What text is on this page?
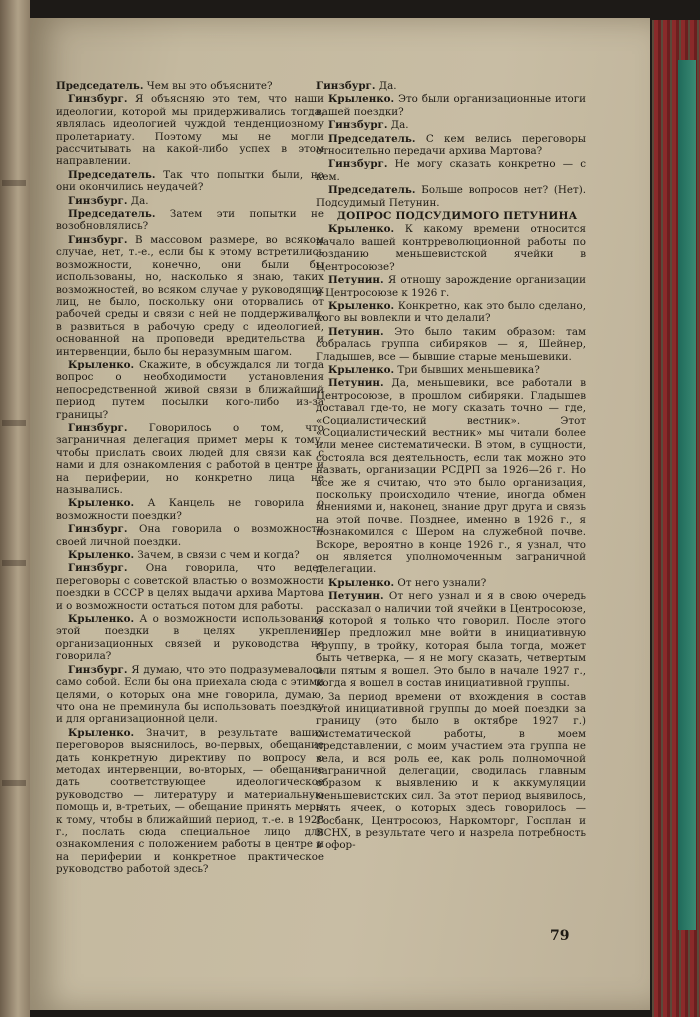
Председатель. Чем вы это объясните?

Гинзбург. Я объясняю это тем, что наши идеологии, которой мы придерживались тогда, являлась идеологией чуждой тенденциозному пролетариату. Поэтому мы не могли рассчитывать на какой-либо успех в этом направлении.

Председатель. Так что попытки были, но они окончились неудачей?

Гинзбург. Да.

Председатель. Затем эти попытки не возобновлялись?

Гинзбург. В массовом размере, во всяком случае, нет, т.-е., если бы к этому встретились возможности, конечно, они были бы использованы, но, насколько я знаю, таких возможностей, во всяком случае у руководящих лиц, не было, поскольку они оторвались от рабочей среды и связи с ней не поддерживали, в развиться в рабочую среду с идеологией, основанной на проповеди вредительства и интервенции, было бы неразумным шагом.

Крыленко. Скажите, в обсуждался ли тогда вопрос о необходимости установления непосредственной живой связи в ближайший период путем посылки кого-либо из-за границы?

Гинзбург. Говорилось о том, что заграничная делегация примет меры к тому, чтобы прислать своих людей для связи как с нами и для ознакомления с работой в центре и на периферии, но конкретно лица не назывались.

Крыленко. А Канцель не говорила о возможности поездки?

Гинзбург. Она говорила о возможности своей личной поездки.

Крыленко. Зачем, в связи с чем и когда?

Гинзбург. Она говорила, что ведет переговоры с советской властью о возможности поездки в СССР в целях выдачи архива Мартова и о возможности остаться потом для работы.

Крыленко. А о возможности использования этой поездки в целях укрепления организационных связей и руководства не говорила?

Гинзбург. Я думаю, что это подразумевалось само собой. Если бы она приехала сюда с этими целями, о которых она мне говорила, думаю, что она не преминула бы использовать поездку и для организационной цели.

Крыленко. Значит, в результате ваших переговоров выяснилось, во-первых, обещание дать конкретную директиву по вопросу о методах интервенции, во-вторых, — обещание дать соответствующее идеологическое руководство — литературу и материальную помощь и, в-третьих, — обещание принять меры к тому, чтобы в ближайший период, т.-е. в 1928 г., послать сюда специальное лицо для ознакомления с положением работы в центре и на периферии и конкретное практическое руководство работой здесь?

Гинзбург. Да.

Крыленко. Это были организационные итоги вашей поездки?

Гинзбург. Да.

Председатель. С кем велись переговоры относительно передачи архива Мартова?

Гинзбург. Не могу сказать конкретно — с кем.

Председатель. Больше вопросов нет? (Нет). Подсудимый Петунин.

ДОПРОС ПОДСУДИМОГО ПЕТУНИНА

Крыленко. К какому времени относится начало вашей контрреволюционной работы по созданию меньшевистской ячейки в Центросоюзе?

Петунин. Я отношу зарождение организации в Центросоюзе к 1926 г.

Крыленко. Конкретно, как это было сделано, кого вы вовлекли и что делали?

Петунин. Это было таким образом: там собралась группа сибиряков — я, Шейнер, Гладышев, все — бывшие старые меньшевики.

Крыленко. Три бывших меньшевика?

Петунин. Да, меньшевики, все работали в Центросоюзе, в прошлом сибиряки. Гладышев доставал где-то, не могу сказать точно — где, «Социалистический вестник». Этот «Социалистический вестник» мы читали более или менее систематически. В этом, в сущности, состояла вся деятельность, если так можно это назвать, организации РСДРП за 1926—26 г. Но все же я считаю, что это было организация, поскольку происходило чтение, иногда обмен мнениями и, наконец, знание друг друга и связь на этой почве. Позднее, именно в 1926 г., я познакомился с Шером на служебной почве. Вскоре, вероятно в конце 1926 г., я узнал, что он является уполномоченным заграничной делегации.

Крыленко. От него узнали?

Петунин. От него узнал и я в свою очередь рассказал о наличии той ячейки в Центросоюзе, о которой я только что говорил. После этого Шер предложил мне войти в инициативную группу, в тройку, которая была тогда, может быть четверка, — я не могу сказать, четвертым или пятым я вошел. Это было в начале 1927 г., когда я вошел в состав инициативной группы.

За период времени от вхождения в состав этой инициативной группы до моей поездки за границу (это было в октябре 1927 г.) систематической работы, в моем представлении, с моим участием эта группа не вела, и вся роль ее, как роль полномочной заграничной делегации, сводилась главным образом к выявлению и к аккумуляции меньшевистских сил. За этот период выявилось, пять ячеек, о которых здесь говорилось — Госбанк, Центросоюз, Наркомторг, Госплан и ВСНХ, в результате чего и назрела потребность в офор-

79
